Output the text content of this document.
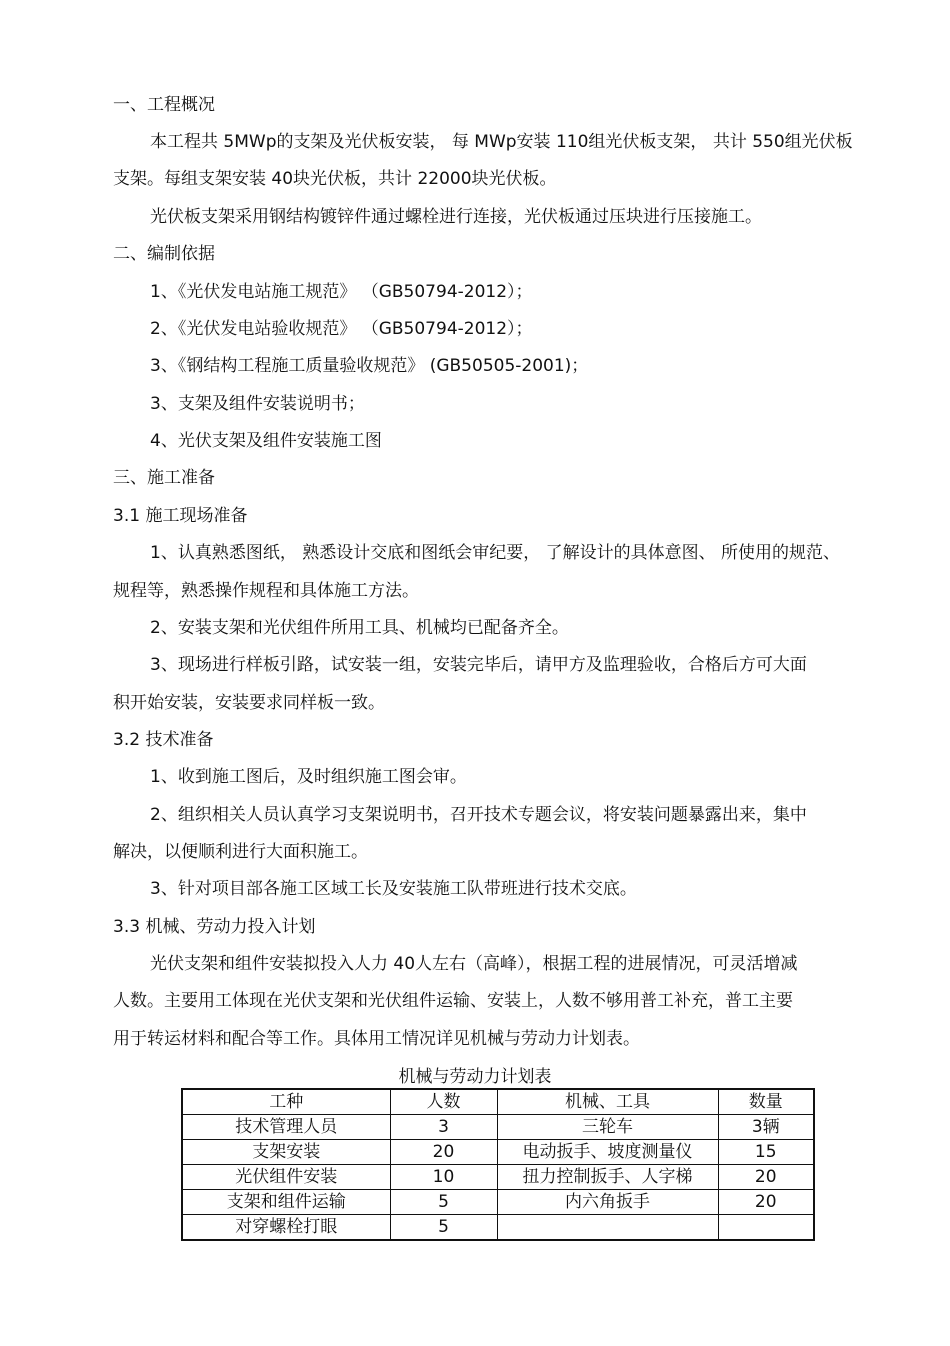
一、工程概况

本工程共 5MWp的支架及光伏板安装， 每 MWp安装 110组光伏板支架， 共计 550组光伏板

支架。每组支架安装 40块光伏板，共计 22000块光伏板。

光伏板支架采用钢结构镀锌件通过螺栓进行连接，光伏板通过压块进行压接施工。

二、编制依据

1、《光伏发电站施工规范》 （GB50794-2012）；

2、《光伏发电站验收规范》 （GB50794-2012）；

3、《钢结构工程施工质量验收规范》 (GB50505-2001)；

3、支架及组件安装说明书；

4、光伏支架及组件安装施工图

三、施工准备

3.1 施工现场准备

1、认真熟悉图纸， 熟悉设计交底和图纸会审纪要， 了解设计的具体意图、 所使用的规范、

规程等，熟悉操作规程和具体施工方法。

2、安装支架和光伏组件所用工具、机械均已配备齐全。

3、现场进行样板引路，试安装一组，安装完毕后，请甲方及监理验收，合格后方可大面

积开始安装，安装要求同样板一致。

3.2 技术准备

1、收到施工图后，及时组织施工图会审。

2、组织相关人员认真学习支架说明书，召开技术专题会议，将安装问题暴露出来，集中

解决，以便顺利进行大面积施工。

3、针对项目部各施工区域工长及安装施工队带班进行技术交底。

3.3 机械、劳动力投入计划

光伏支架和组件安装拟投入人力 40人左右（高峰），根据工程的进展情况，可灵活增减

人数。主要用工体现在光伏支架和光伏组件运输、安装上，人数不够用普工补充，普工主要

用于转运材料和配合等工作。具体用工情况详见机械与劳动力计划表。

机械与劳动力计划表
工种	人数	机械、工具	数量
技术管理人员	3	三轮车	3辆
支架安装	20	电动扳手、坡度测量仪	15
光伏组件安装	10	扭力控制扳手、人字梯	20
支架和组件运输	5	内六角扳手	20
对穿螺栓打眼	5		
